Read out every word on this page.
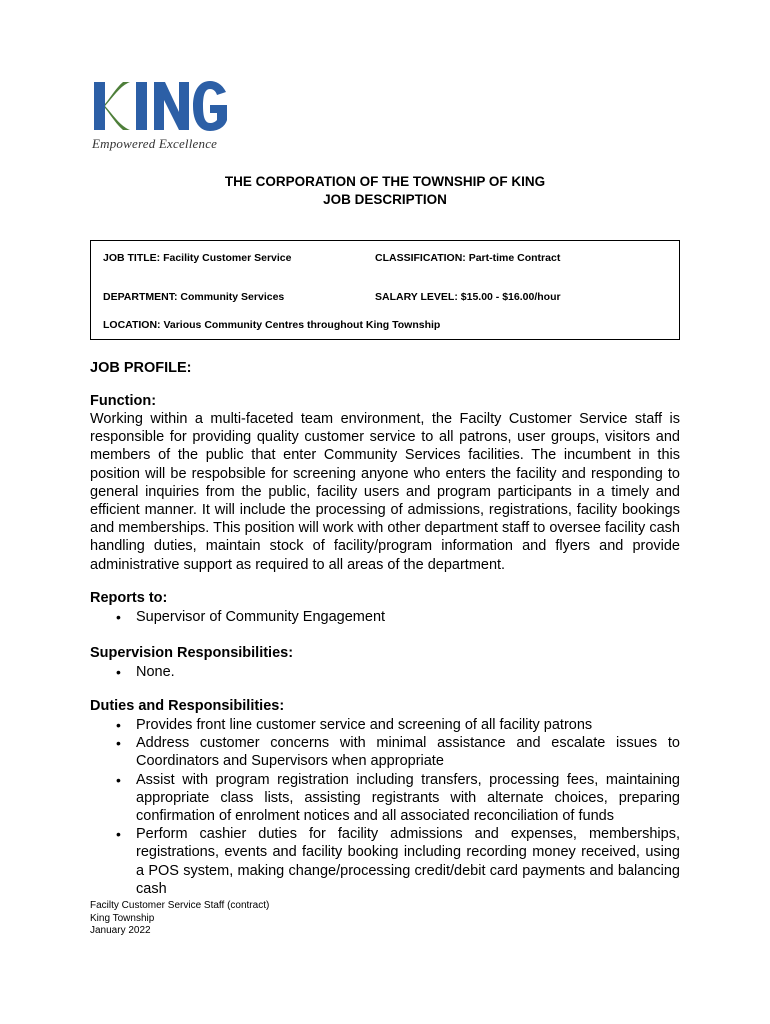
Empowered Excellence
THE CORPORATION OF THE TOWNSHIP OF KING
JOB DESCRIPTION
JOB TITLE: Facility Customer Service	CLASSIFICATION: Part-time Contract
DEPARTMENT: Community Services	SALARY LEVEL: $15.00 - $16.00/hour
LOCATION: Various Community Centres throughout King Township
JOB PROFILE:
Function:
Working within a multi-faceted team environment, the Facilty Customer Service staff is responsible for providing quality customer service to all patrons, user groups, visitors and members of the public that enter Community Services facilities. The incumbent in this position will be respobsible for screening anyone who enters the facility and responding to general inquiries from the public, facility users and program participants in a timely and efficient manner. It will include the processing of admissions, registrations, facility bookings and memberships. This position will work with other department staff to oversee facility cash handling duties, maintain stock of facility/program information and flyers and provide administrative support as required to all areas of the department.
Reports to:
• Supervisor of Community Engagement
Supervision Responsibilities:
• None.
Duties and Responsibilities:
• Provides front line customer service and screening of all facility patrons
• Address customer concerns with minimal assistance and escalate issues to Coordinators and Supervisors when appropriate
• Assist with program registration including transfers, processing fees, maintaining appropriate class lists, assisting registrants with alternate choices, preparing confirmation of enrolment notices and all associated reconciliation of funds
• Perform cashier duties for facility admissions and expenses, memberships, registrations, events and facility booking including recording money received, using a POS system, making change/processing credit/debit card payments and balancing cash
Facilty Customer Service Staff (contract)
King Township
January 2022
